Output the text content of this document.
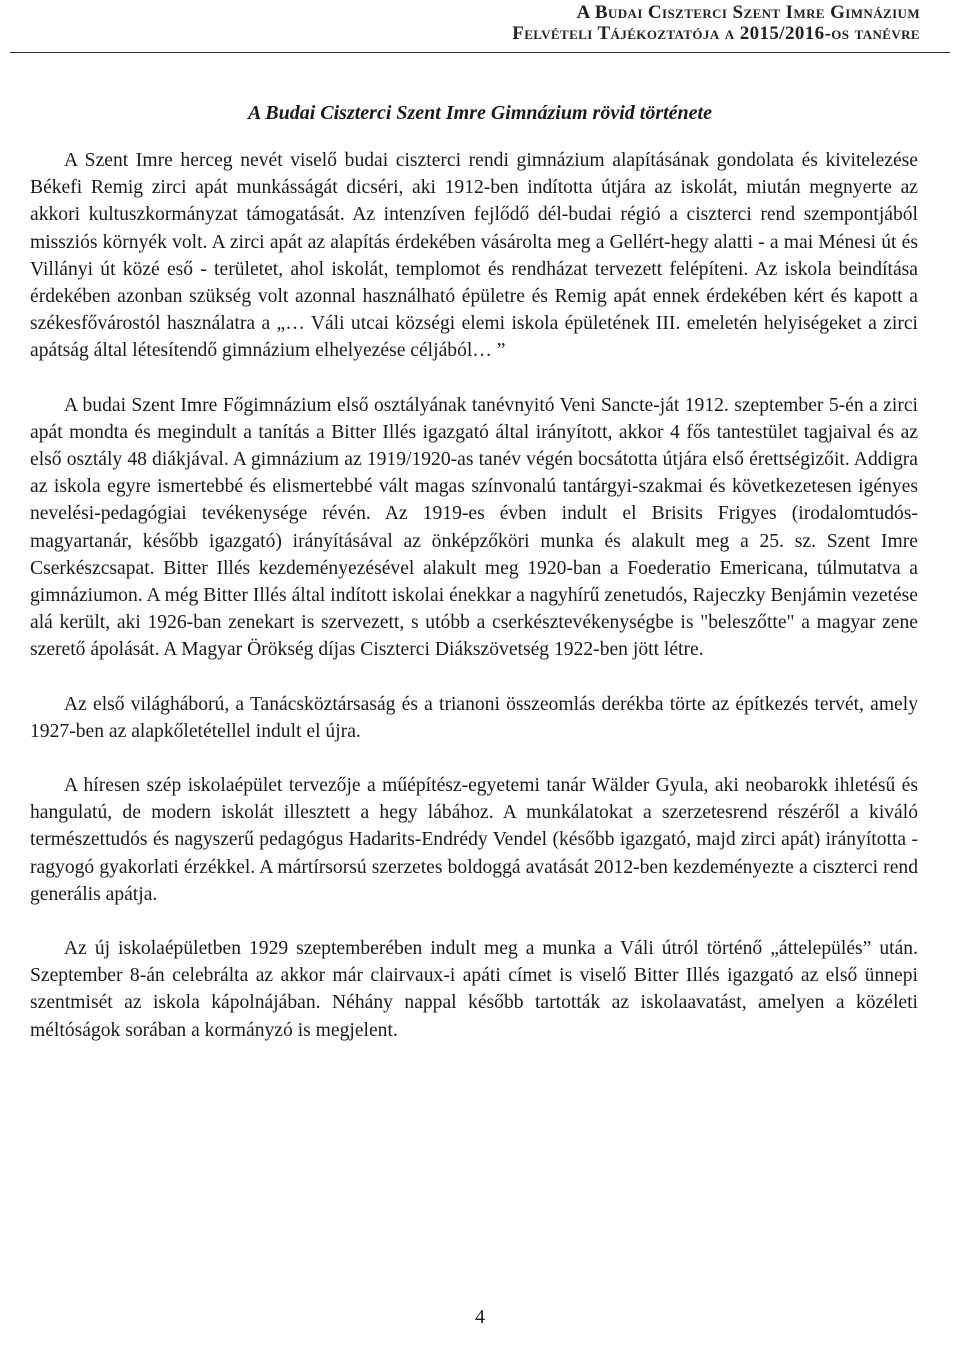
A Budai Ciszterci Szent Imre Gimnázium
Felvételi Tájékoztatója a 2015/2016-os tanévre
A Budai Ciszterci Szent Imre Gimnázium rövid története

A Szent Imre herceg nevét viselő budai ciszterci rendi gimnázium alapításának gondolata és kivitelezése Békefi Remig zirci apát munkásságát dicséri, aki 1912-ben indította útjára az iskolát, miután megnyerte az akkori kultuszkormányzat támogatását. Az intenzíven fejlődő dél-budai régió a ciszterci rend szempontjából missziós környék volt. A zirci apát az alapítás érdekében vásárolta meg a Gellért-hegy alatti - a mai Ménesi út és Villányi út közé eső - területet, ahol iskolát, templomot és rendházat tervezett felépíteni. Az iskola beindítása érdekében azonban szükség volt azonnal használható épületre és Remig apát ennek érdekében kért és kapott a székesfővárostól használatra a „… Váli utcai községi elemi iskola épületének III. emeletén helyiségeket a zirci apátság által létesítendő gimnázium elhelyezése céljából… ”

A budai Szent Imre Főgimnázium első osztályának tanévnyitó Veni Sancte-ját 1912. szeptember 5-én a zirci apát mondta és megindult a tanítás a Bitter Illés igazgató által irányított, akkor 4 fős tantestület tagjaival és az első osztály 48 diákjával. A gimnázium az 1919/1920-as tanév végén bocsátotta útjára első érettségizőit. Addigra az iskola egyre ismertebbé és elismertebbé vált magas színvonalú tantárgyi-szakmai és következetesen igényes nevelési-pedagógiai tevékenysége révén. Az 1919-es évben indult el Brisits Frigyes (irodalomtudós-magyartanár, később igazgató) irányításával az önképzőköri munka és alakult meg a 25. sz. Szent Imre Cserkészcsapat. Bitter Illés kezdeményezésével alakult meg 1920-ban a Foederatio Emericana, túlmutatva a gimnáziumon. A még Bitter Illés által indított iskolai énekkar a nagyhírű zenetudós, Rajeczky Benjámin vezetése alá került, aki 1926-ban zenekart is szervezett, s utóbb a cserkésztevékenységbe is "beleszőtte" a magyar zene szerető ápolását. A Magyar Örökség díjas Ciszterci Diákszövetség 1922-ben jött létre.

Az első világháború, a Tanácsköztársaság és a trianoni összeomlás derékba törte az építkezés tervét, amely 1927-ben az alapkőletétellel indult el újra.

A híresen szép iskolaépület tervezője a műépítész-egyetemi tanár Wälder Gyula, aki neobarokk ihletésű és hangulatú, de modern iskolát illesztett a hegy lábához. A munkálatokat a szerzetesrend részéről a kiváló természettudós és nagyszerű pedagógus Hadarits-Endrédy Vendel (később igazgató, majd zirci apát) irányította - ragyogó gyakorlati érzékkel. A mártírsorsú szerzetes boldoggá avatását 2012-ben kezdeményezte a ciszterci rend generális apátja.

Az új iskolaépületben 1929 szeptemberében indult meg a munka a Váli útról történő „áttelepülés” után. Szeptember 8-án celebrálta az akkor már clairvaux-i apáti címet is viselő Bitter Illés igazgató az első ünnepi szentmisét az iskola kápolnájában. Néhány nappal később tartották az iskolaavatást, amelyen a közéleti méltóságok sorában a kormányzó is megjelent.

4
